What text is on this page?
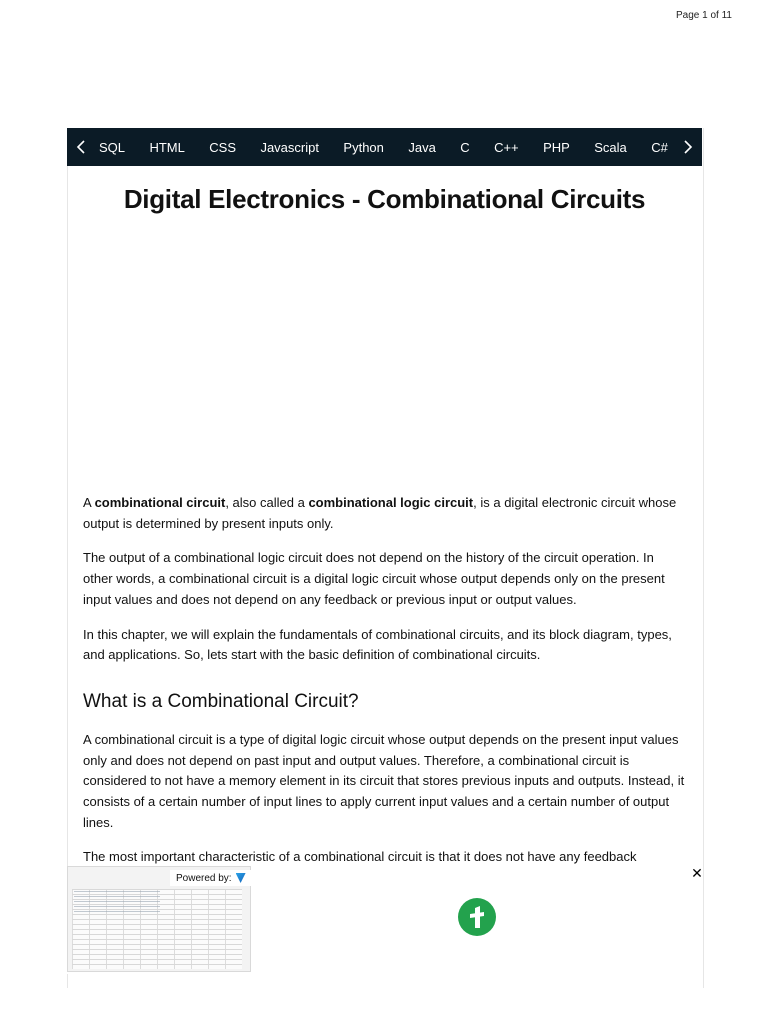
Page 1 of 11
SQL HTML CSS Javascript Python Java C C++ PHP Scala C#
Digital Electronics - Combinational Circuits

A combinational circuit, also called a combinational logic circuit, is a digital electronic circuit whose output is determined by present inputs only.

The output of a combinational logic circuit does not depend on the history of the circuit operation. In other words, a combinational circuit is a digital logic circuit whose output depends only on the present input values and does not depend on any feedback or previous input or output values.

In this chapter, we will explain the fundamentals of combinational circuits, and its block diagram, types, and applications. So, lets start with the basic definition of combinational circuits.

What is a Combinational Circuit?

A combinational circuit is a type of digital logic circuit whose output depends on the present input values only and does not depend on past input and output values. Therefore, a combinational circuit is considered to not have a memory element in its circuit that stores previous inputs and outputs. Instead, it consists of a certain number of input lines to apply current input values and a certain number of output lines.

The most important characteristic of a combinational circuit is that it does not have any feedback

Powered by:	✕
